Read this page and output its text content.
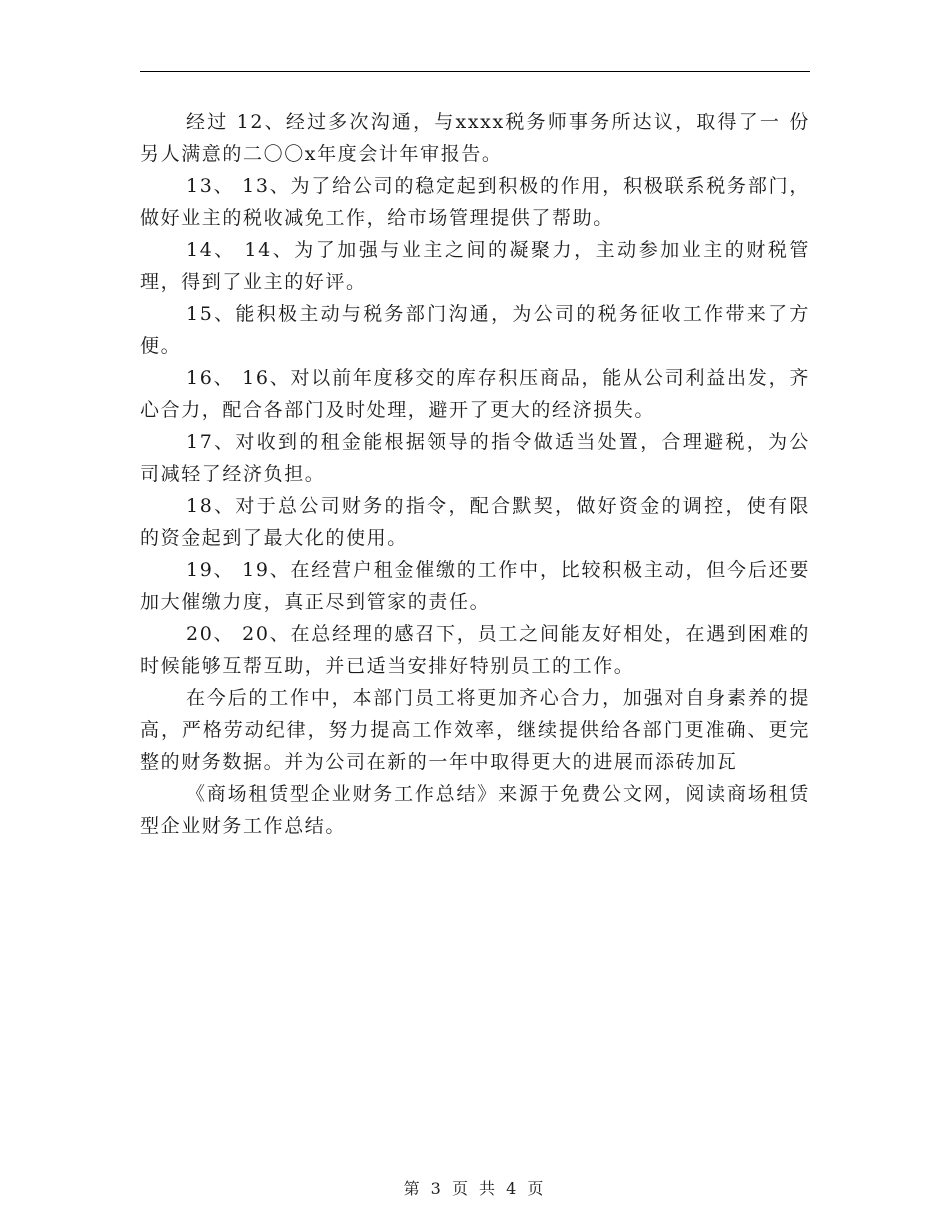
经过 12、经过多次沟通，与xxxx税务师事务所达议，取得了一 份另人满意的二〇〇x年度会计年审报告。

13、 13、为了给公司的稳定起到积极的作用，积极联系税务部门，做好业主的税收减免工作，给市场管理提供了帮助。

14、 14、为了加强与业主之间的凝聚力，主动参加业主的财税管理，得到了业主的好评。

15、能积极主动与税务部门沟通，为公司的税务征收工作带来了方便。

16、 16、对以前年度移交的库存积压商品，能从公司利益出发，齐心合力，配合各部门及时处理，避开了更大的经济损失。

17、对收到的租金能根据领导的指令做适当处置，合理避税，为公司减轻了经济负担。

18、对于总公司财务的指令，配合默契，做好资金的调控，使有限的资金起到了最大化的使用。

19、 19、在经营户租金催缴的工作中，比较积极主动，但今后还要加大催缴力度，真正尽到管家的责任。

20、 20、在总经理的感召下，员工之间能友好相处，在遇到困难的时候能够互帮互助，并已适当安排好特别员工的工作。

在今后的工作中，本部门员工将更加齐心合力，加强对自身素养的提高，严格劳动纪律，努力提高工作效率，继续提供给各部门更准确、更完整的财务数据。并为公司在新的一年中取得更大的进展而添砖加瓦

《商场租赁型企业财务工作总结》来源于免费公文网，阅读商场租赁型企业财务工作总结。

第 3 页 共 4 页
